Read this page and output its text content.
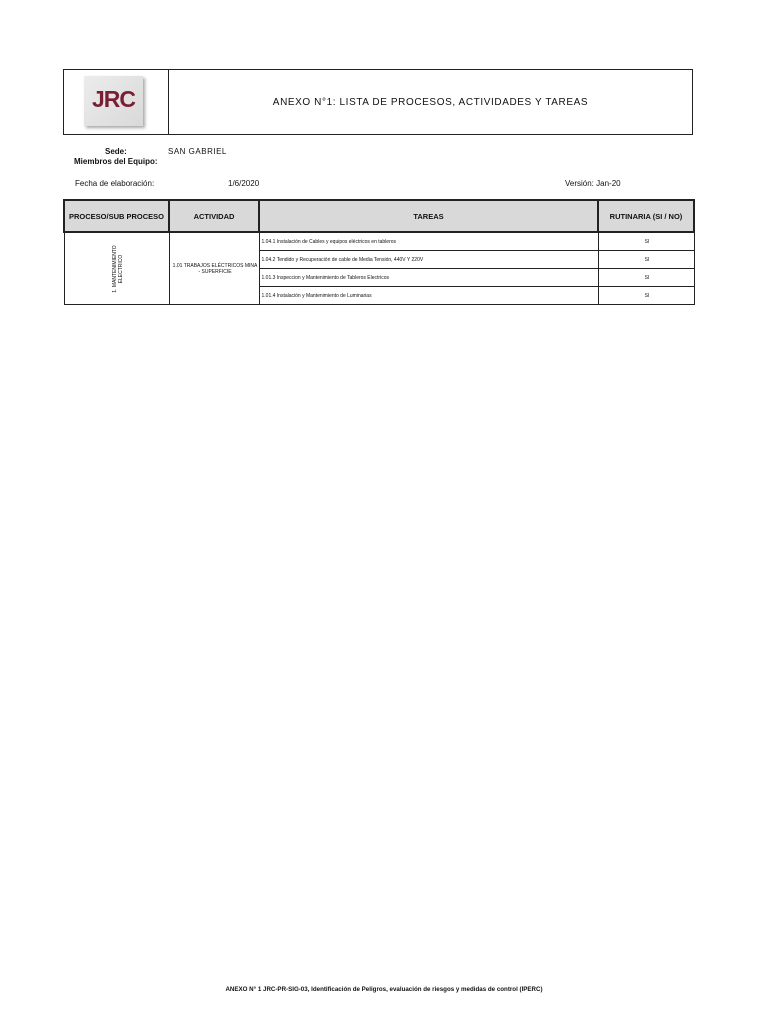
JRC	ANEXO N°1: LISTA DE PROCESOS, ACTIVIDADES Y TAREAS
Sede:	SAN GABRIEL
Miembros del Equipo:
Fecha de elaboración:	1/6/2020	Versión: Jan-20
PROCESO/SUB PROCESO	ACTIVIDAD	TAREAS	RUTINARIA (SI / NO)
1. MANTENIMIENTO ELECTRICO	1.01 TRABAJOS ELÉCTRICOS MINA - SUPERFICIE	1.04.1 Instalación de Cables y equipos eléctricos en tableros	SI
		1.04.2 Tendido y Recuperación de cable de Media Tensión, 440V Y 220V	SI
		1.01.3 Inspeccion y Mantenimiento de Tableros Electricos	SI
		1.01.4 Instalación y Mantenimiento de Luminarias	SI
ANEXO N° 1 JRC-PR-SIG-03, Identificación de Peligros, evaluación de riesgos y medidas de control (IPERC)
